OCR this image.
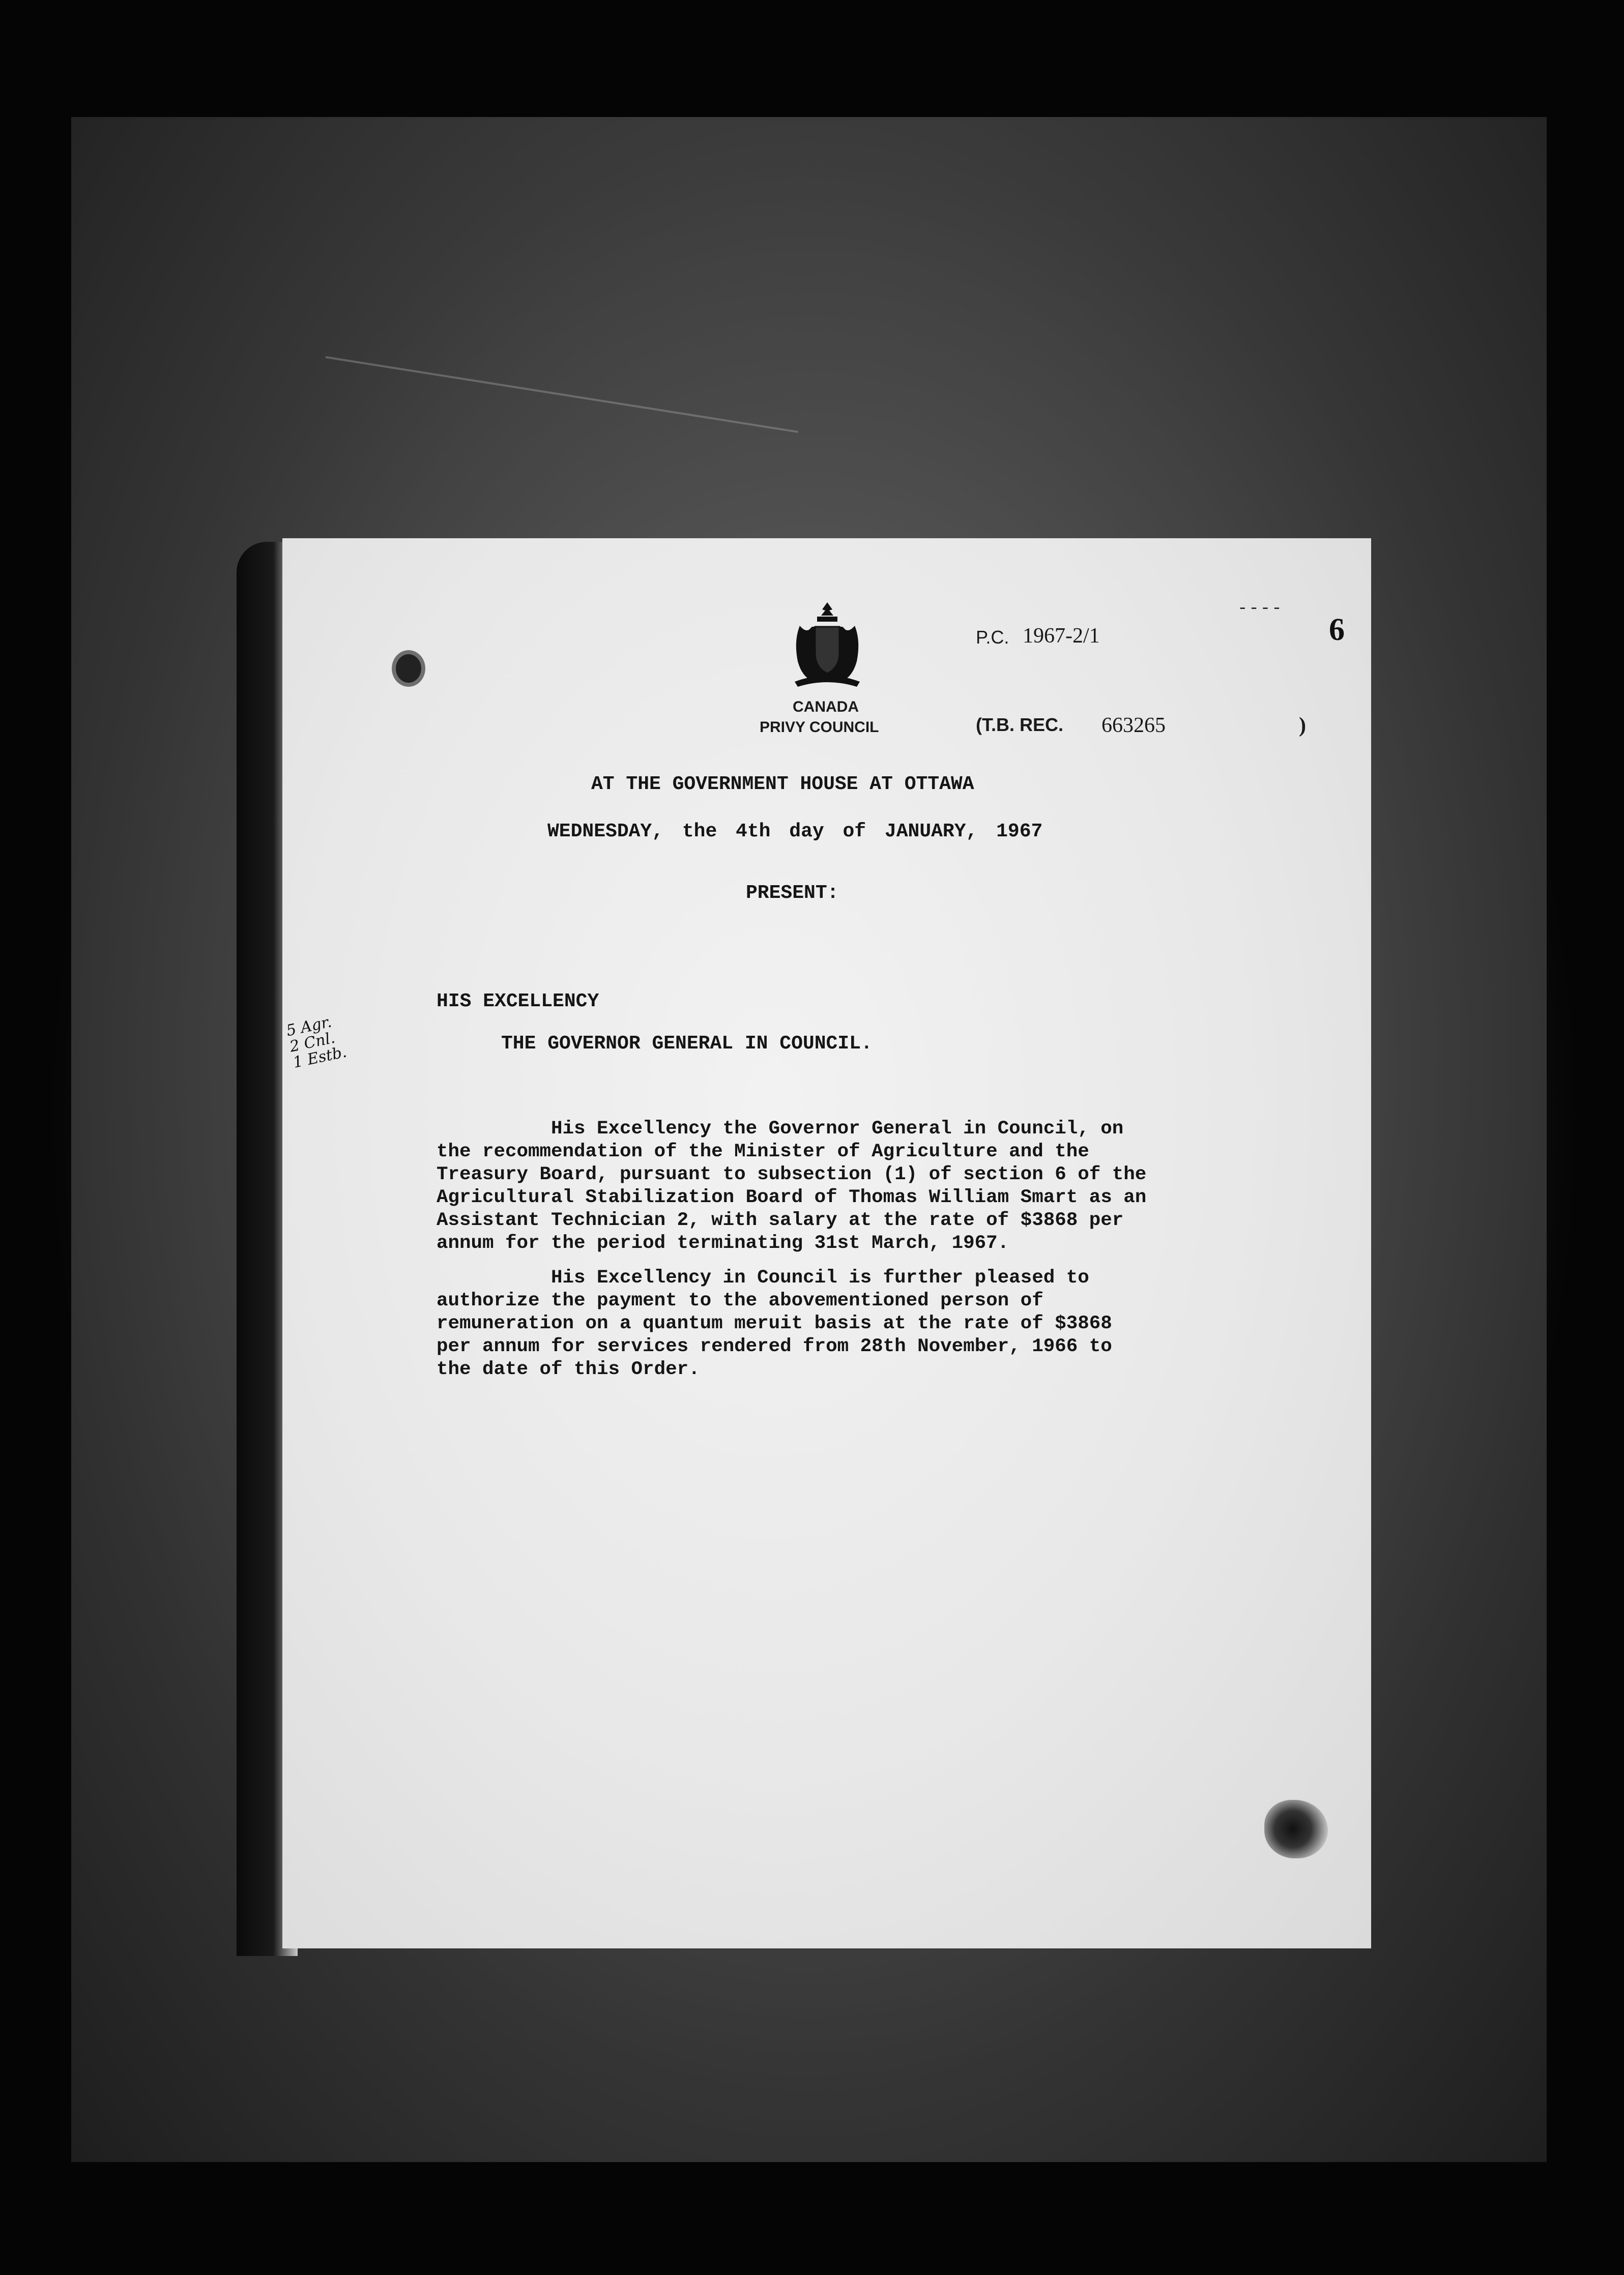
CANADA
PRIVY COUNCIL
P.C. 1967-2/1
(T.B. REC. 663265	)
6
----
AT THE GOVERNMENT HOUSE AT OTTAWA
WEDNESDAY, the 4th day of JANUARY, 1967
PRESENT:
HIS EXCELLENCY
THE GOVERNOR GENERAL IN COUNCIL.
5 Agr.
2 Cnl.
1 Estb.
His Excellency the Governor General in Council, on
the recommendation of the Minister of Agriculture and the
Treasury Board, pursuant to subsection (1) of section 6 of the
Agricultural Stabilization Board of Thomas William Smart as an
Assistant Technician 2, with salary at the rate of $3868 per
annum for the period terminating 31st March, 1967.
His Excellency in Council is further pleased to
authorize the payment to the abovementioned person of
remuneration on a quantum meruit basis at the rate of $3868
per annum for services rendered from 28th November, 1966 to
the date of this Order.
